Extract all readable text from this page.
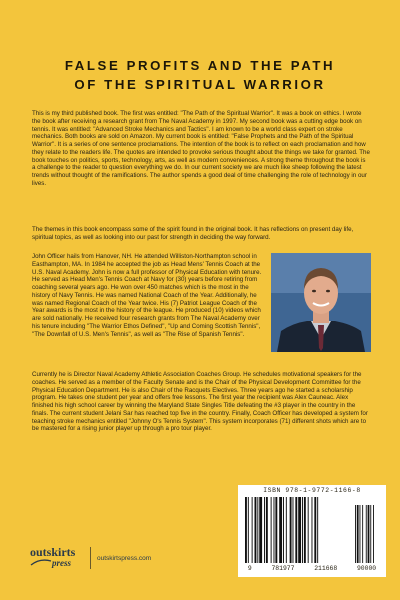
FALSE PROFITS AND THE PATH
OF THE SPIRITUAL WARRIOR
This is my third published book. The first was entitled: "The Path of the Spiritual Warrior". It was a book on ethics. I wrote the book after receiving a research grant from The Naval Academy in 1997. My second book was a cutting edge book on tennis. It was entitled: "Advanced Stroke Mechanics and Tactics". I am known to be a world class expert on stroke mechanics. Both books are sold on Amazon. My current book is entitled: "False Prophets and the Path of the Spiritual Warrior". It is a series of one sentence proclamations. The intention of the book is to reflect on each proclamation and how they relate to the readers life. The quotes are intended to provoke serious thought about the things we take for granted. The book touches on politics, sports, technology, arts, as well as modern conveniences. A strong theme throughout the book is a challenge to the reader to question everything we do. In our current society we are much like sheep following the latest trends without thought of the ramifications. The author spends a good deal of time challenging the role of technology in our lives.
The themes in this book encompass some of the spirit found in the original book. It has reflections on present day life, spiritual topics, as well as looking into our past for strength in deciding the way forward.
John Officer hails from Hanover, NH. He attended Williston-Northampton school in Easthampton, MA. In 1984 he accepted the job as Head Mens' Tennis Coach at the U.S. Naval Academy. John is now a full professor of Physical Education with tenure. He served as Head Men's Tennis Coach at Navy for (30) years before retiring from coaching several years ago. He won over 450 matches which is the most in the history of Navy Tennis. He was named National Coach of the Year. Additionally, he was named Regional Coach of the Year twice. His (7) Patriot League Coach of the Year awards is the most in the history of the league. He produced (10) videos which are sold nationally. He received four research grants from The Naval Academy over his tenure including "The Warrior Ethos Defined", "Up and Coming Scottish Tennis", "The Downfall of U.S. Men's Tennis", as well as "The Rise of Spanish Tennis".
Currently he is Director Naval Academy Athletic Association Coaches Group. He schedules motivational speakers for the coaches. He served as a member of the Faculty Senate and is the Chair of the Physical Development Committee for the Physical Education Department. He is also Chair of the Racquets Electives. Three years ago he started a scholarship program. He takes one student per year and offers free lessons. The first year the recipient was Alex Cauneac. Alex finished his high school career by winning the Maryland State Singles Title defeating the #3 player in the country in the finals. The current student Jelani Sar has reached top five in the country. Finally, Coach Officer has developed a system for teaching stroke mechanics entitled "Johnny O's Tennis System". This system incorporates (71) different shots which are to be mastered for a rising junior player up through a pro tour player.
outskirts
press	outskirtspress.com
ISBN 978-1-9772-1166-8
9	781977	211668	90000
